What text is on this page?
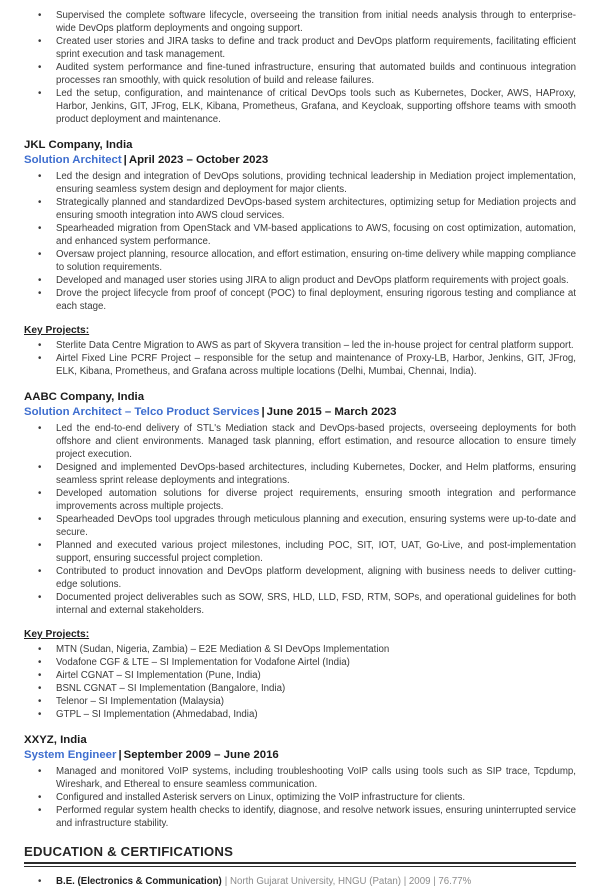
• Supervised the complete software lifecycle, overseeing the transition from initial needs analysis through to enterprise-wide DevOps platform deployments and ongoing support.
• Created user stories and JIRA tasks to define and track product and DevOps platform requirements, facilitating efficient sprint execution and task management.
• Audited system performance and fine-tuned infrastructure, ensuring that automated builds and continuous integration processes ran smoothly, with quick resolution of build and release failures.
• Led the setup, configuration, and maintenance of critical DevOps tools such as Kubernetes, Docker, AWS, HAProxy, Harbor, Jenkins, GIT, JFrog, ELK, Kibana, Prometheus, Grafana, and Keycloak, supporting offshore teams with smooth product deployment and maintenance.
JKL Company, India
Solution Architect | April 2023 – October 2023
• Led the design and integration of DevOps solutions, providing technical leadership in Mediation project implementation, ensuring seamless system design and deployment for major clients.
• Strategically planned and standardized DevOps-based system architectures, optimizing setup for Mediation projects and ensuring smooth integration into AWS cloud services.
• Spearheaded migration from OpenStack and VM-based applications to AWS, focusing on cost optimization, automation, and enhanced system performance.
• Oversaw project planning, resource allocation, and effort estimation, ensuring on-time delivery while mapping compliance to solution requirements.
• Developed and managed user stories using JIRA to align product and DevOps platform requirements with project goals.
• Drove the project lifecycle from proof of concept (POC) to final deployment, ensuring rigorous testing and compliance at each stage.
Key Projects:
• Sterlite Data Centre Migration to AWS as part of Skyvera transition – led the in-house project for central platform support.
• Airtel Fixed Line PCRF Project – responsible for the setup and maintenance of Proxy-LB, Harbor, Jenkins, GIT, JFrog, ELK, Kibana, Prometheus, and Grafana across multiple locations (Delhi, Mumbai, Chennai, India).
AABC Company, India
Solution Architect – Telco Product Services | June 2015 – March 2023
• Led the end-to-end delivery of STL's Mediation stack and DevOps-based projects, overseeing deployments for both offshore and client environments. Managed task planning, effort estimation, and resource allocation to ensure timely project execution.
• Designed and implemented DevOps-based architectures, including Kubernetes, Docker, and Helm platforms, ensuring seamless sprint release deployments and integrations.
• Developed automation solutions for diverse project requirements, ensuring smooth integration and performance improvements across multiple projects.
• Spearheaded DevOps tool upgrades through meticulous planning and execution, ensuring systems were up-to-date and secure.
• Planned and executed various project milestones, including POC, SIT, IOT, UAT, Go-Live, and post-implementation support, ensuring successful project completion.
• Contributed to product innovation and DevOps platform development, aligning with business needs to deliver cutting-edge solutions.
• Documented project deliverables such as SOW, SRS, HLD, LLD, FSD, RTM, SOPs, and operational guidelines for both internal and external stakeholders.
Key Projects:
• MTN (Sudan, Nigeria, Zambia) – E2E Mediation & SI DevOps Implementation
• Vodafone CGF & LTE – SI Implementation for Vodafone Airtel (India)
• Airtel CGNAT – SI Implementation (Pune, India)
• BSNL CGNAT – SI Implementation (Bangalore, India)
• Telenor – SI Implementation (Malaysia)
• GTPL – SI Implementation (Ahmedabad, India)
XXYZ, India
System Engineer | September 2009 – June 2016
• Managed and monitored VoIP systems, including troubleshooting VoIP calls using tools such as SIP trace, Tcpdump, Wireshark, and Ethereal to ensure seamless communication.
• Configured and installed Asterisk servers on Linux, optimizing the VoIP infrastructure for clients.
• Performed regular system health checks to identify, diagnose, and resolve network issues, ensuring uninterrupted service and infrastructure stability.
EDUCATION & CERTIFICATIONS
• B.E. (Electronics & Communication) | North Gujarat University, HNGU (Patan) | 2009 | 76.77%
